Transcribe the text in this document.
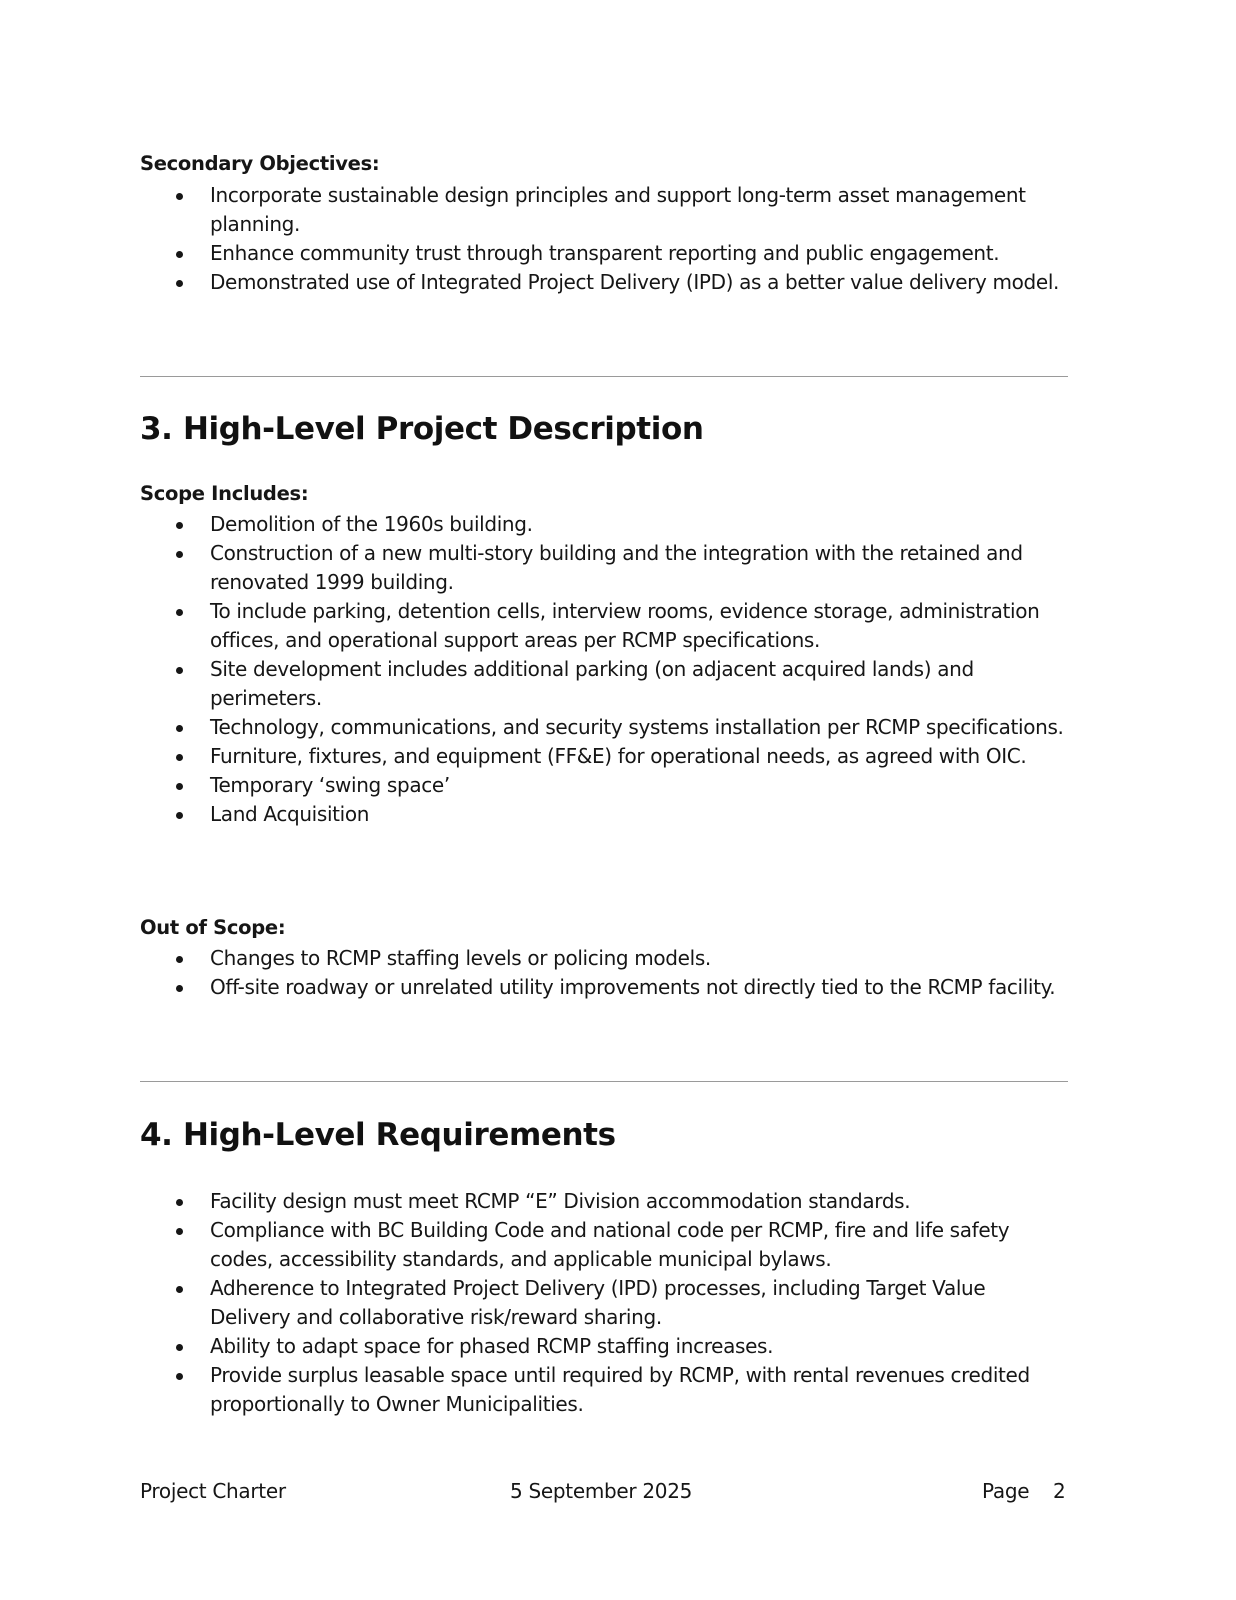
Secondary Objectives:

Incorporate sustainable design principles and support long-term asset management planning.
Enhance community trust through transparent reporting and public engagement.
Demonstrated use of Integrated Project Delivery (IPD) as a better value delivery model.
3. High-Level Project Description

Scope Includes:

Demolition of the 1960s building.
Construction of a new multi-story building and the integration with the retained and renovated 1999 building.
To include parking, detention cells, interview rooms, evidence storage, administration offices, and operational support areas per RCMP specifications.
Site development includes additional parking (on adjacent acquired lands) and perimeters.
Technology, communications, and security systems installation per RCMP specifications.
Furniture, fixtures, and equipment (FF&E) for operational needs, as agreed with OIC.
Temporary ‘swing space’
Land Acquisition

Out of Scope:

Changes to RCMP staffing levels or policing models.
Off-site roadway or unrelated utility improvements not directly tied to the RCMP facility.
4. High-Level Requirements
Facility design must meet RCMP “E” Division accommodation standards.
Compliance with BC Building Code and national code per RCMP, fire and life safety codes, accessibility standards, and applicable municipal bylaws.
Adherence to Integrated Project Delivery (IPD) processes, including Target Value Delivery and collaborative risk/reward sharing.
Ability to adapt space for phased RCMP staffing increases.
Provide surplus leasable space until required by RCMP, with rental revenues credited proportionally to Owner Municipalities.
Project Charter	5 September 2025	Page 2
